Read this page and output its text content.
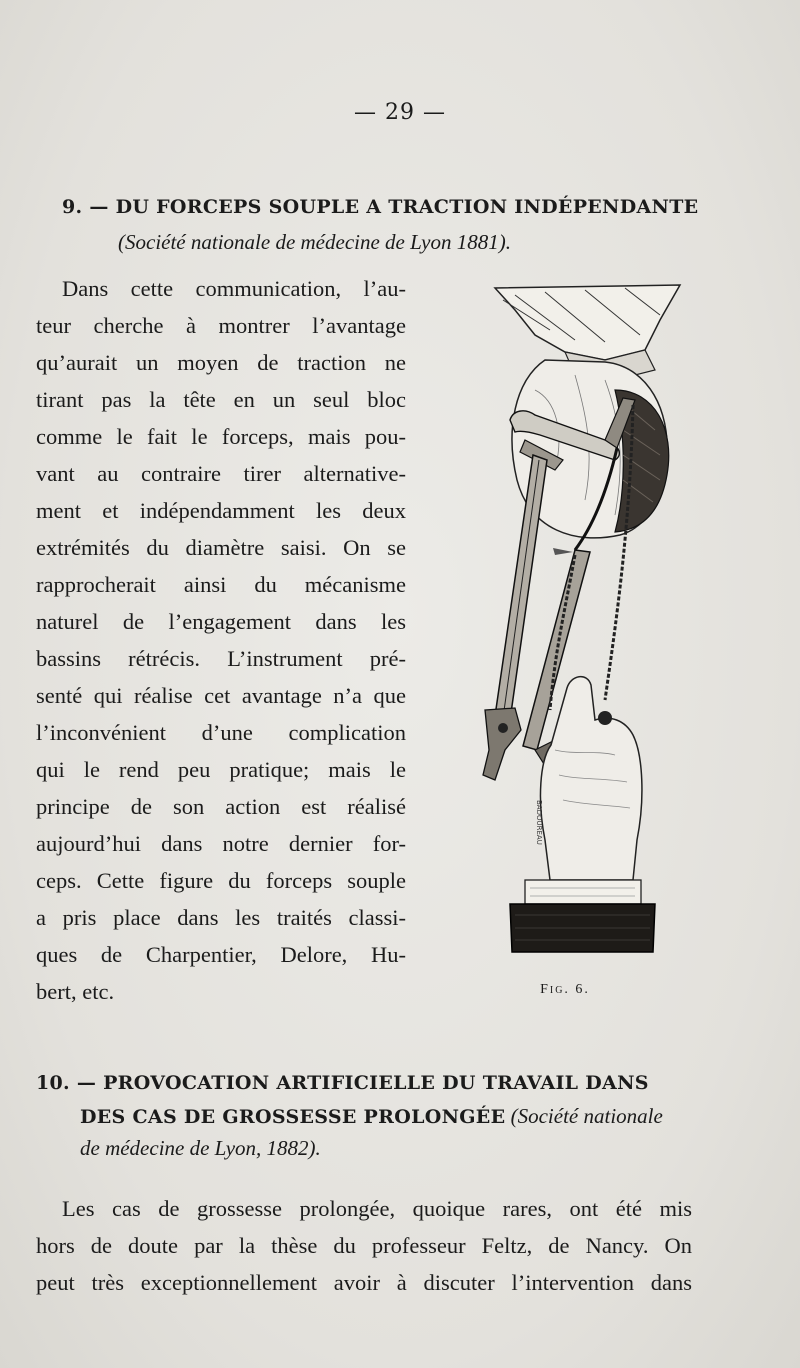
— 29 —
9. — DU FORCEPS SOUPLE A TRACTION INDÉPENDANTE
(Société nationale de médecine de Lyon 1881).
Dans cette communication, l’au-
teur cherche à montrer l’avantage
qu’aurait un moyen de traction ne
tirant pas la tête en un seul bloc
comme le fait le forceps, mais pou-
vant au contraire tirer alternative-
ment et indépendamment les deux
extrémités du diamètre saisi. On se
rapprocherait ainsi du mécanisme
naturel de l’engagement dans les
bassins rétrécis. L’instrument pré-
senté qui réalise cet avantage n’a que
l’inconvénient d’une complication
qui le rend peu pratique; mais le
principe de son action est réalisé
aujourd’hui dans notre dernier for-
ceps. Cette figure du forceps souple
a pris place dans les traités classi-
ques de Charpentier, Delore, Hu-
bert, etc.
BADOUREAU
Fig. 6.
10. — PROVOCATION ARTIFICIELLE DU TRAVAIL DANS
DES CAS DE GROSSESSE PROLONGÉE (Société nationale
de médecine de Lyon, 1882).
Les cas de grossesse prolongée, quoique rares, ont été mis
hors de doute par la thèse du professeur Feltz, de Nancy. On
peut très exceptionnellement avoir à discuter l’intervention dans
